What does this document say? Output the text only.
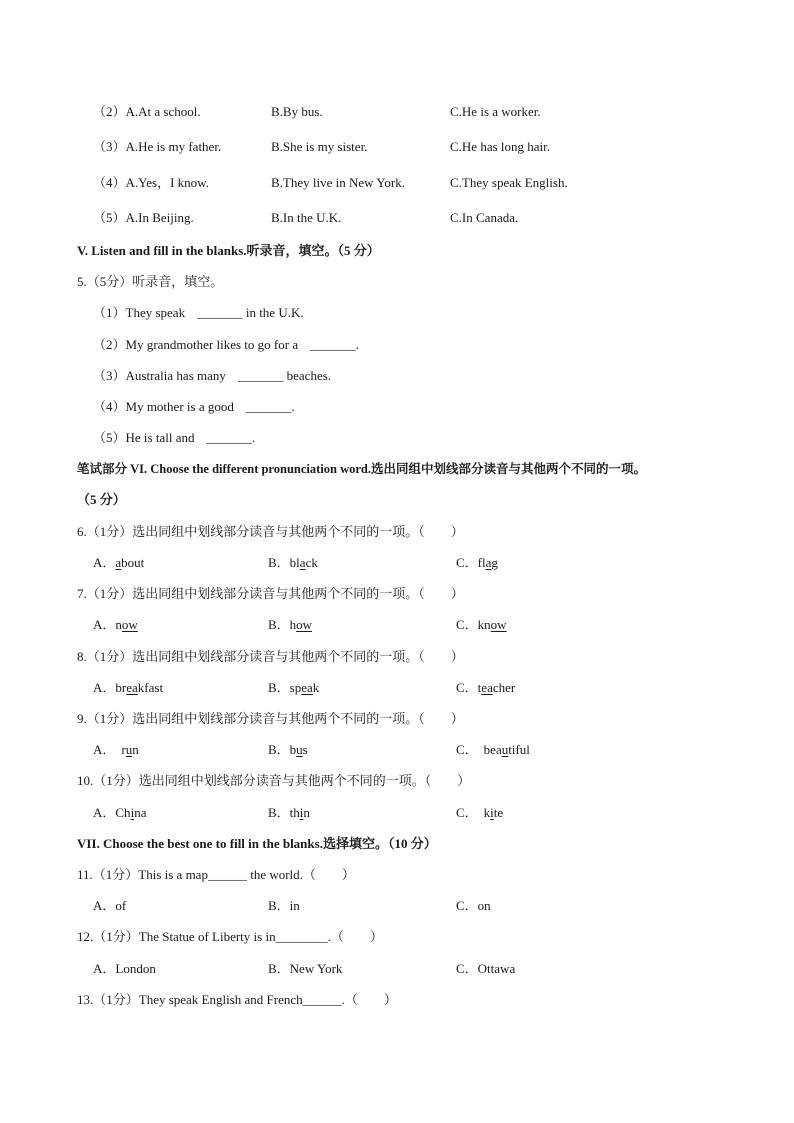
（2）A.At a school.	B.By bus.	C.He is a worker.
（3）A.He is my father.	B.She is my sister.	C.He has long hair.
（4）A.Yes，I know.	B.They live in New York.	C.They speak English.
（5）A.In Beijing.	B.In the U.K.	C.In Canada.
V. Listen and fill in the blanks.听录音，填空。（5 分）
5.（5分）听录音，填空。
（1）They speak _______ in the U.K.
（2）My grandmother likes to go for a _______.
（3）Australia has many _______ beaches.
（4）My mother is a good _______.
（5）He is tall and _______.
笔试部分 VI. Choose the different pronunciation word.选出同组中划线部分读音与其他两个不同的一项。
（5 分）
6.（1分）选出同组中划线部分读音与其他两个不同的一项。（　　）
A．about	B．black	C．flag
7.（1分）选出同组中划线部分读音与其他两个不同的一项。（　　）
A．now	B．how	C．know
8.（1分）选出同组中划线部分读音与其他两个不同的一项。（　　）
A．breakfast	B．speak	C．teacher
9.（1分）选出同组中划线部分读音与其他两个不同的一项。（　　）
A． run	B．bus	C． beautiful
10.（1分）选出同组中划线部分读音与其他两个不同的一项。（　　）
A．China	B．thin	C． kite
VII. Choose the best one to fill in the blanks.选择填空。（10 分）
11.（1分）This is a map______ the world.（　　）
A．of	B．in	C．on
12.（1分）The Statue of Liberty is in________.（　　）
A．London	B．New York	C．Ottawa
13.（1分）They speak English and French______.（　　）
